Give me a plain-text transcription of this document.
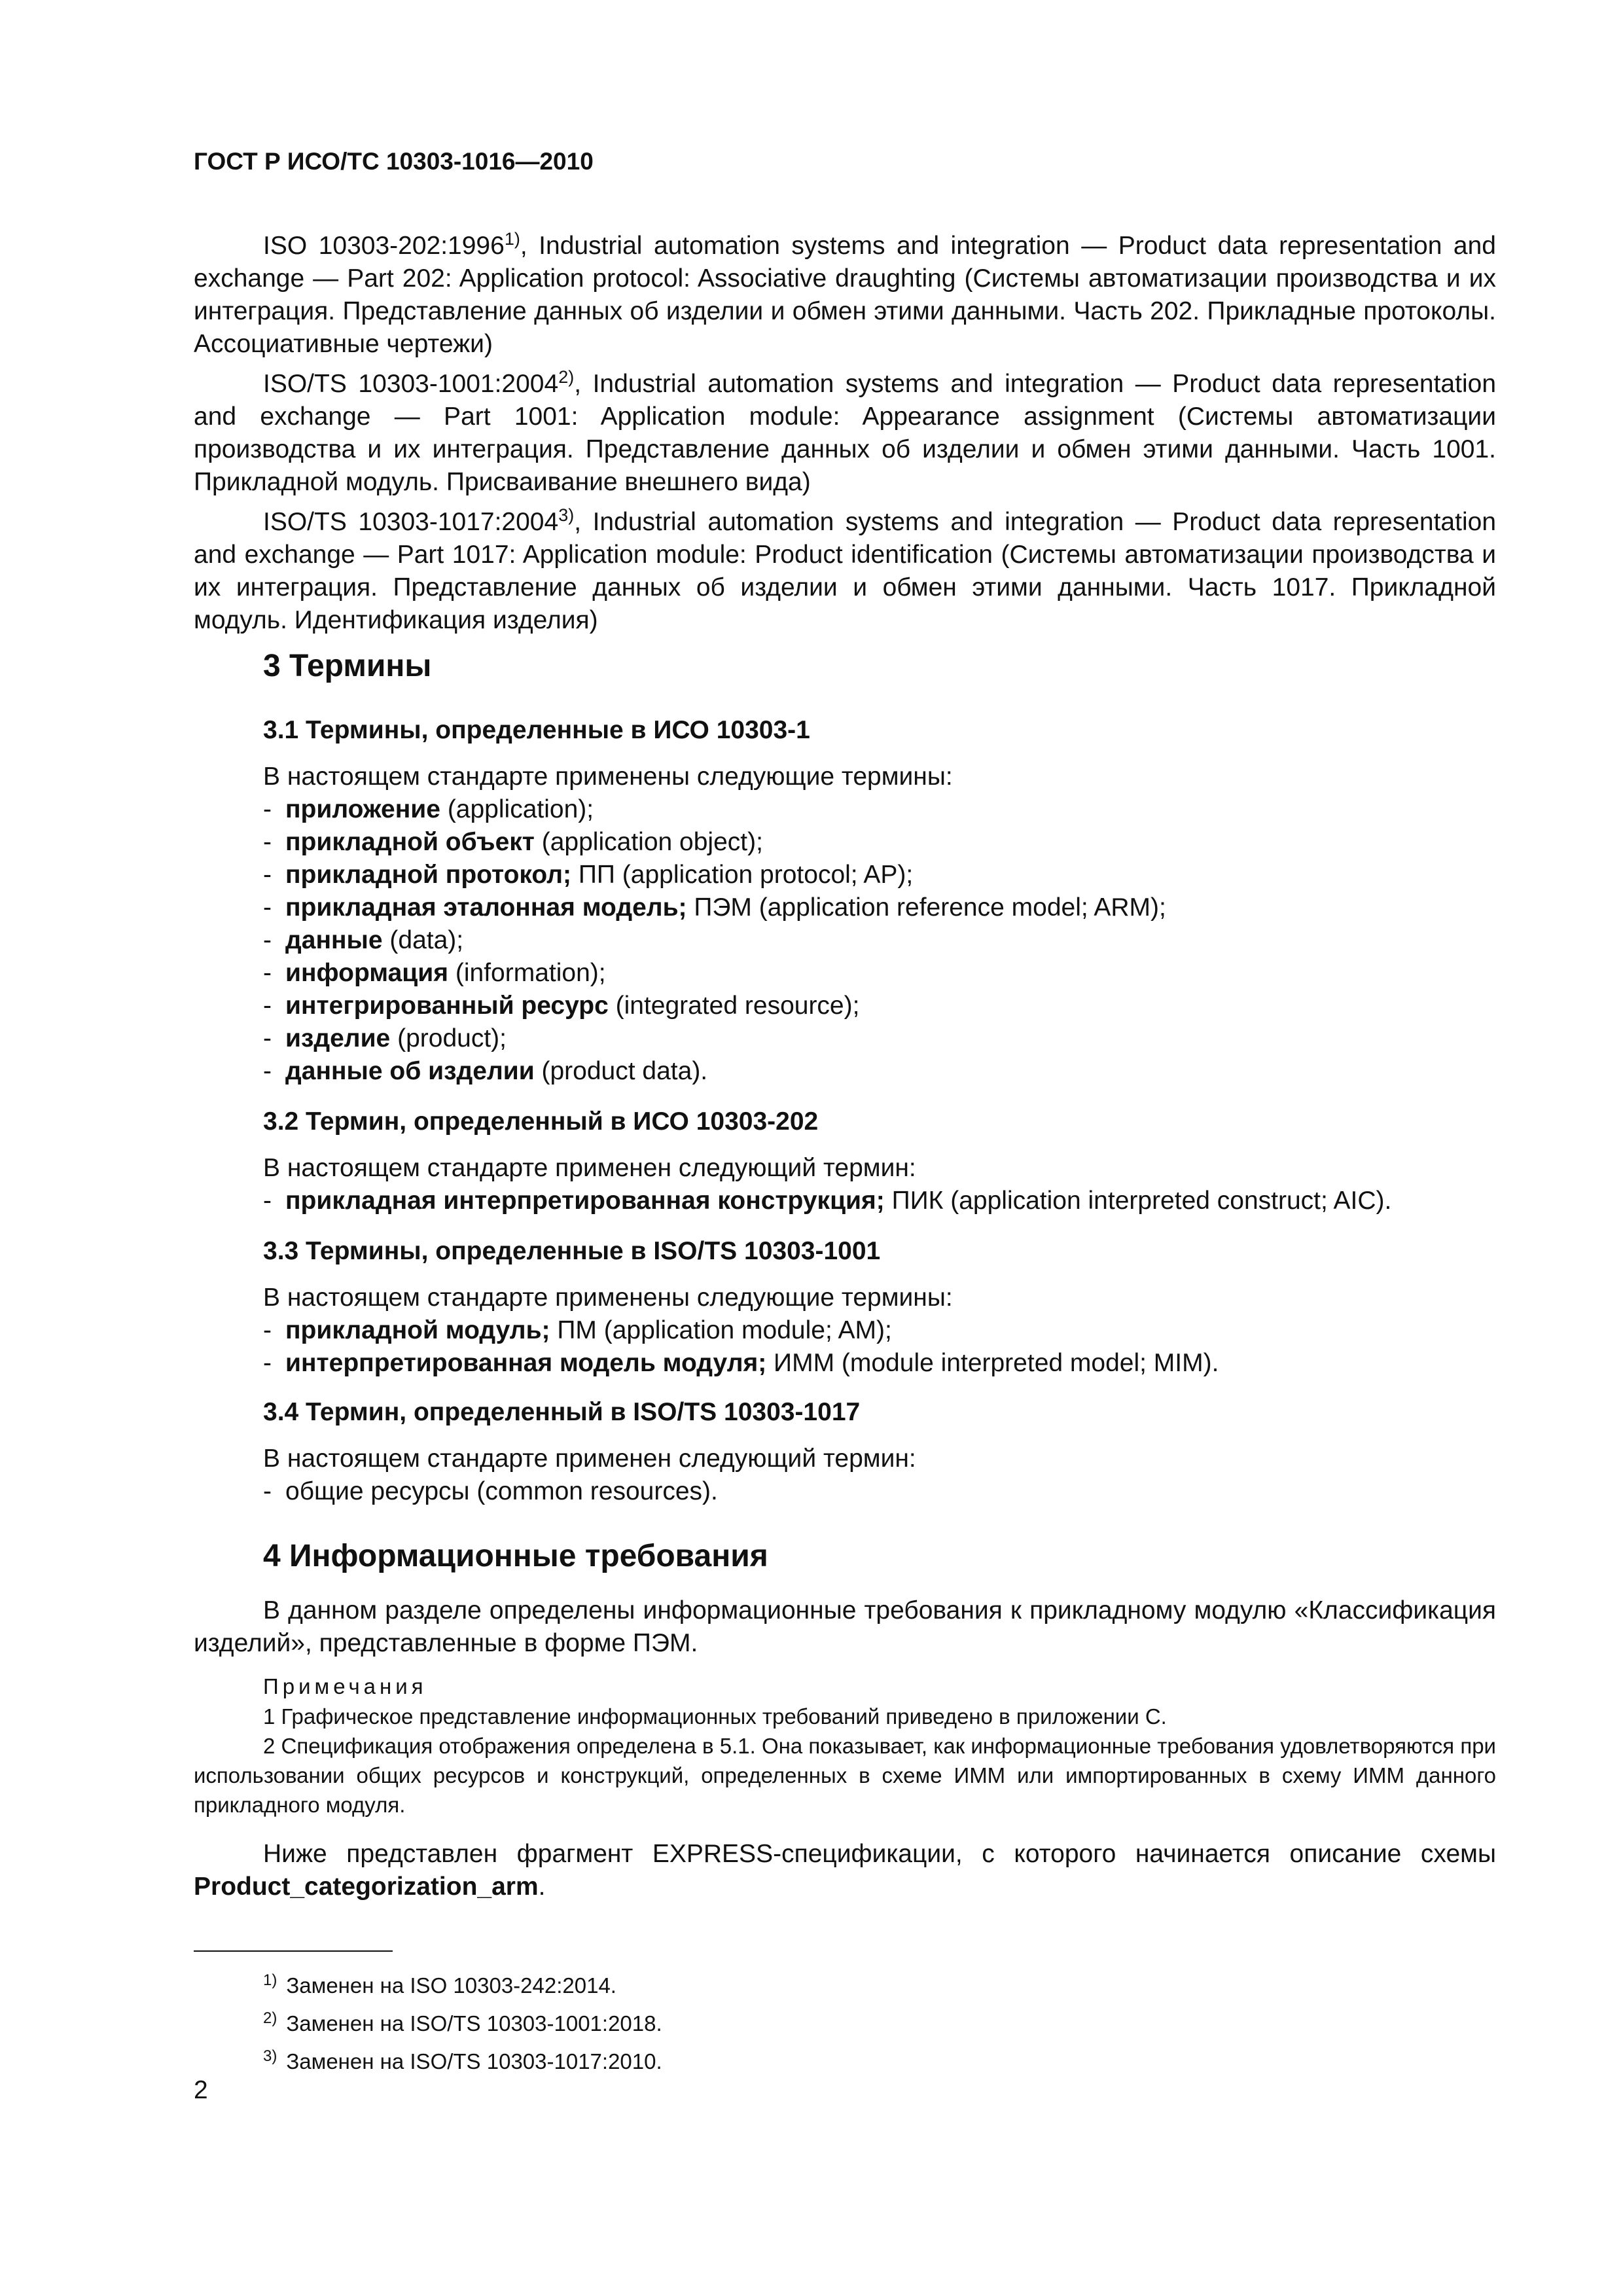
ГОСТ Р ИСО/ТС 10303-1016—2010

ISO 10303-202:1996$^{1)}$, Industrial automation systems and integration — Product data representation and exchange — Part 202: Application protocol: Associative draughting (Системы автоматизации производства и их интеграция. Представление данных об изделии и обмен этими данными. Часть 202. Прикладные протоколы. Ассоциативные чертежи)

ISO/TS 10303-1001:2004$^{2)}$, Industrial automation systems and integration — Product data representation and exchange — Part 1001: Application module: Appearance assignment (Системы автоматизации производства и их интеграция. Представление данных об изделии и обмен этими данными. Часть 1001. Прикладной модуль. Присваивание внешнего вида)

ISO/TS 10303-1017:2004$^{3)}$, Industrial automation systems and integration — Product data representation and exchange — Part 1017: Application module: Product identification (Системы автоматизации производства и их интеграция. Представление данных об изделии и обмен этими данными. Часть 1017. Прикладной модуль. Идентификация изделия)

3 Термины
3.1 Термины, определенные в ИСО 10303-1
В настоящем стандарте применены следующие термины:
- приложение (application);
- прикладной объект (application object);
- прикладной протокол; ПП (application protocol; AP);
- прикладная эталонная модель; ПЭМ (application reference model; ARM);
- данные (data);
- информация (information);
- интегрированный ресурс (integrated resource);
- изделие (product);
- данные об изделии (product data).
3.2 Термин, определенный в ИСО 10303-202
В настоящем стандарте применен следующий термин:
- прикладная интерпретированная конструкция; ПИК (application interpreted construct; AIC).
3.3 Термины, определенные в ISO/TS 10303-1001
В настоящем стандарте применены следующие термины:
- прикладной модуль; ПМ (application module; AM);
- интерпретированная модель модуля; ИММ (module interpreted model; MIM).
3.4 Термин, определенный в ISO/TS 10303-1017
В настоящем стандарте применен следующий термин:
- общие ресурсы (common resources).
4 Информационные требования

В данном разделе определены информационные требования к прикладному модулю «Классификация изделий», представленные в форме ПЭМ.

Примечания

1 Графическое представление информационных требований приведено в приложении С.

2 Спецификация отображения определена в 5.1. Она показывает, как информационные требования удовлетворяются при использовании общих ресурсов и конструкций, определенных в схеме ИММ или импортированных в схему ИММ данного прикладного модуля.

Ниже представлен фрагмент EXPRESS-спецификации, с которого начинается описание схемы Product_categorization_arm.

$^{1)}$ Заменен на ISO 10303-242:2014.
$^{2)}$ Заменен на ISO/TS 10303-1001:2018.
$^{3)}$ Заменен на ISO/TS 10303-1017:2010.
2
